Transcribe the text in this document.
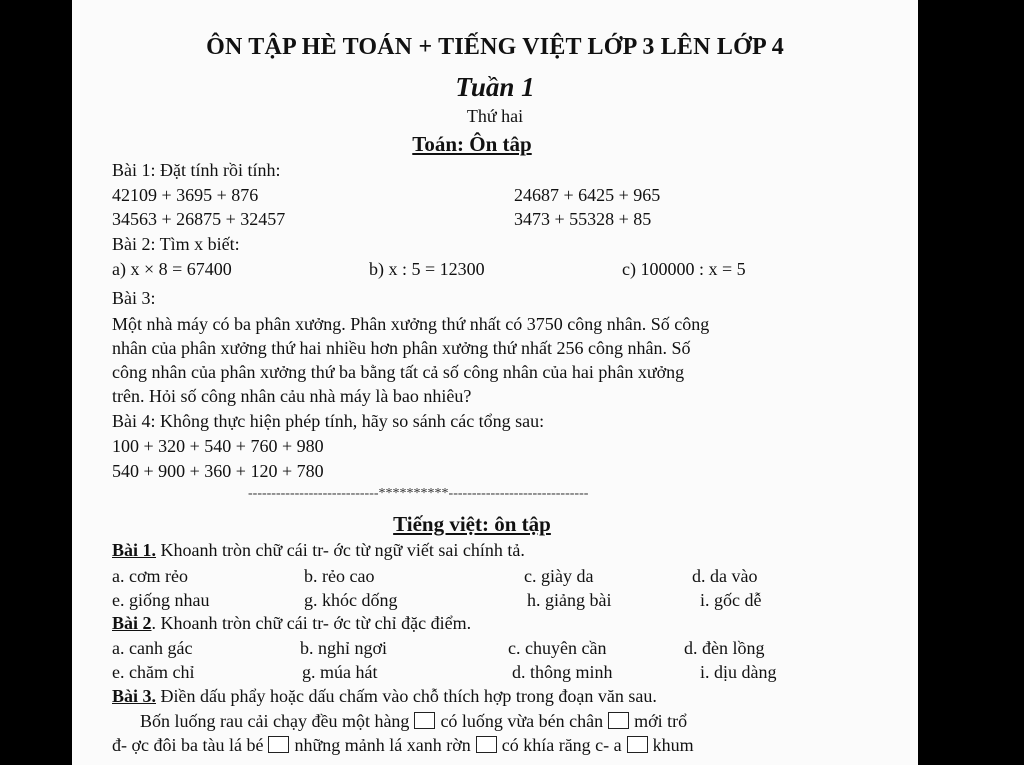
ÔN TẬP HÈ TOÁN + TIẾNG VIỆT LỚP 3 LÊN LỚP 4
Tuần 1
Thứ hai
Toán: Ôn tâp
Bài 1: Đặt tính rồi tính:
42109 + 3695 + 876	24687 + 6425 + 965
34563 + 26875 + 32457	3473 + 55328 + 85
Bài 2: Tìm x biết:
a) x × 8 = 67400	b) x : 5 = 12300	c) 100000 : x = 5
Bài 3:
Một nhà máy có ba phân xưởng. Phân xưởng thứ nhất có 3750 công nhân. Số công
nhân của phân xưởng thứ hai nhiều hơn phân xưởng thứ nhất 256 công nhân. Số
công nhân của phân xưởng thứ ba bằng tất cả số công nhân của hai phân xưởng
trên. Hỏi số công nhân cảu nhà máy là bao nhiêu?
Bài 4: Không thực hiện phép tính, hãy so sánh các tổng sau:
100 + 320 + 540 + 760 + 980
540 + 900 + 360 + 120 + 780
----------------------------**********------------------------------
Tiếng việt: ôn tập
Bài 1. Khoanh tròn chữ cái tr- ớc từ ngữ viết sai chính tả.
a. cơm rẻo	b. rẻo cao	c. giày da	d. da vào
e. giống nhau	g. khóc dống	h. giảng bài	i. gốc dễ
Bài 2. Khoanh tròn chữ cái tr- ớc từ chỉ đặc điểm.
a. canh gác	b. nghỉ ngơi	c. chuyên cần	d. đèn lồng
e. chăm chỉ	g. múa hát	d. thông minh	i. dịu dàng
Bài 3. Điền dấu phẩy hoặc dấu chấm vào chỗ thích hợp trong đoạn văn sau.
Bốn luống rau cải chạy đều một hàng có luống vừa bén chân mới trổ
đ- ợc đôi ba tàu lá bé những mảnh lá xanh rờn có khía răng c- a khum
